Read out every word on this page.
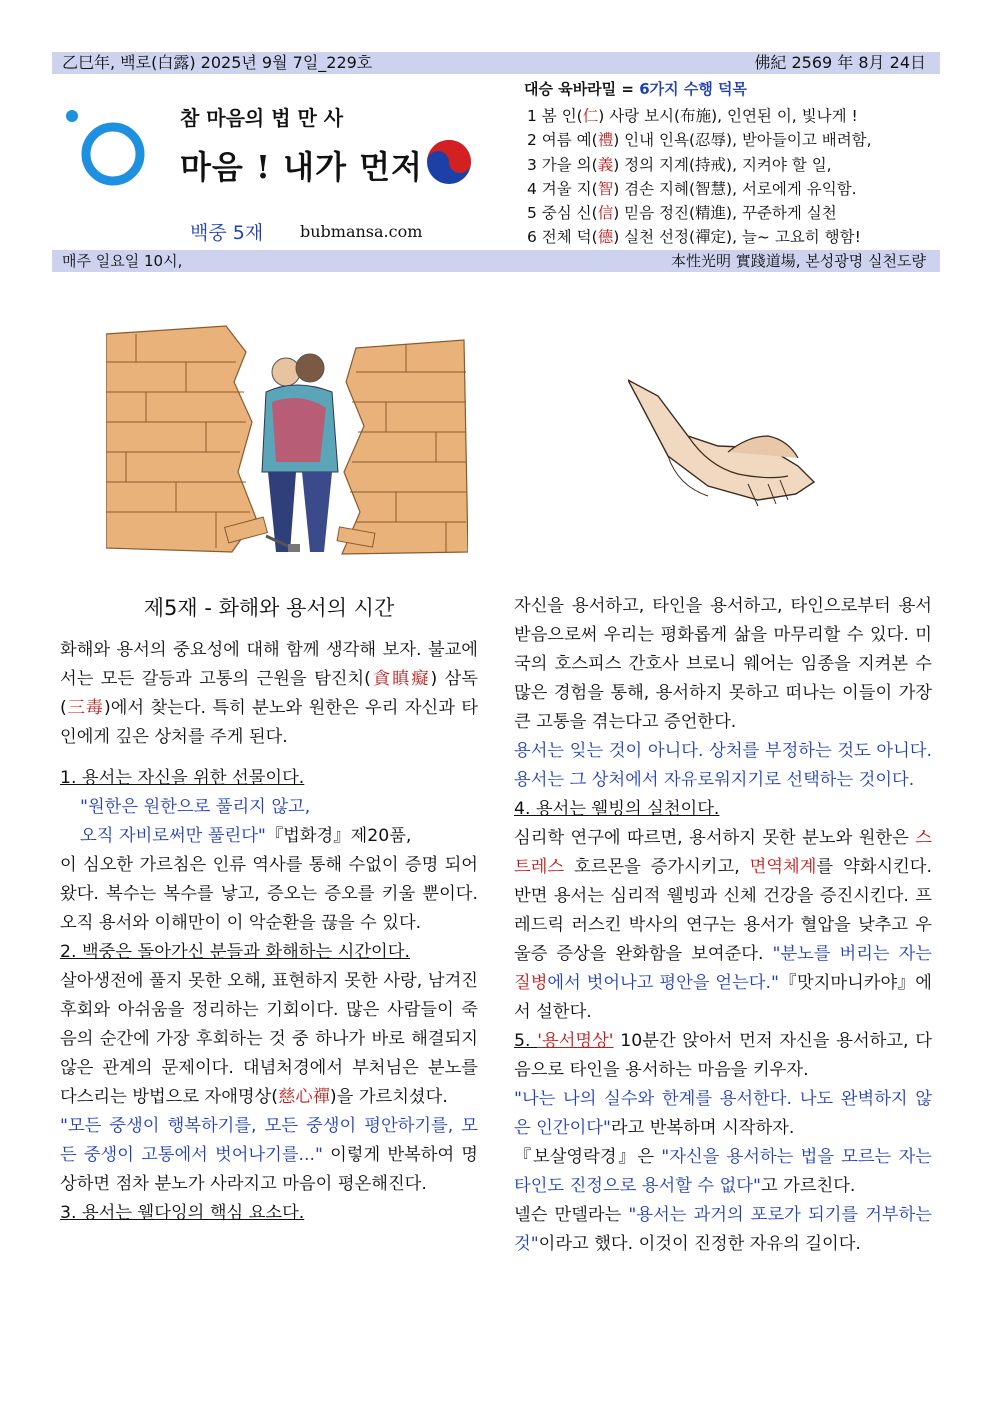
乙巳年, 백로(白露) 2025년 9월 7일_229호	佛紀 2569 年 8月 24日
참 마음의 법 만 사
마음 ! 내가 먼저
백중 5재 bubmansa.com
대승 육바라밀 = 6가지 수행 덕목
1 봄 인(仁) 사랑 보시(布施), 인연된 이, 빛나게 !
2 여름 예(禮) 인내 인욕(忍辱), 받아들이고 배려함,
3 가을 의(義) 정의 지계(持戒), 지켜야 할 일,
4 겨울 지(智) 겸손 지혜(智慧), 서로에게 유익함.
5 중심 신(信) 믿음 정진(精進), 꾸준하게 실천
6 전체 덕(德) 실천 선정(禪定), 늘~ 고요히 행함!
매주 일요일 10시,	本性光明 實踐道場, 본성광명 실천도량

제5재 - 화해와 용서의 시간

화해와 용서의 중요성에 대해 함께 생각해 보자. 불교에서는 모든 갈등과 고통의 근원을 탐진치(貪瞋癡) 삼독(三毒)에서 찾는다. 특히 분노와 원한은 우리 자신과 타인에게 깊은 상처를 주게 된다.

1. 용서는 자신을 위한 선물이다.

"원한은 원한으로 풀리지 않고,

오직 자비로써만 풀린다"『법화경』제20품,

이 심오한 가르침은 인류 역사를 통해 수없이 증명 되어 왔다. 복수는 복수를 낳고, 증오는 증오를 키울 뿐이다. 오직 용서와 이해만이 이 악순환을 끊을 수 있다.

2. 백중은 돌아가신 분들과 화해하는 시간이다.

살아생전에 풀지 못한 오해, 표현하지 못한 사랑, 남겨진 후회와 아쉬움을 정리하는 기회이다. 많은 사람들이 죽음의 순간에 가장 후회하는 것 중 하나가 바로 해결되지 않은 관계의 문제이다. 대념처경에서 부처님은 분노를 다스리는 방법으로 자애명상(慈心禪)을 가르치셨다.

"모든 중생이 행복하기를, 모든 중생이 평안하기를, 모든 중생이 고통에서 벗어나기를..." 이렇게 반복하여 명상하면 점차 분노가 사라지고 마음이 평온해진다.

3. 용서는 웰다잉의 핵심 요소다.

자신을 용서하고, 타인을 용서하고, 타인으로부터 용서받음으로써 우리는 평화롭게 삶을 마무리할 수 있다. 미국의 호스피스 간호사 브로니 웨어는 임종을 지켜본 수많은 경험을 통해, 용서하지 못하고 떠나는 이들이 가장 큰 고통을 겪는다고 증언한다.

용서는 잊는 것이 아니다. 상처를 부정하는 것도 아니다. 용서는 그 상처에서 자유로워지기로 선택하는 것이다.

4. 용서는 웰빙의 실천이다.

심리학 연구에 따르면, 용서하지 못한 분노와 원한은 스트레스 호르몬을 증가시키고, 면역체계를 약화시킨다. 반면 용서는 심리적 웰빙과 신체 건강을 증진시킨다. 프레드릭 러스킨 박사의 연구는 용서가 혈압을 낮추고 우울증 증상을 완화함을 보여준다. "분노를 버리는 자는 질병에서 벗어나고 평안을 얻는다."『맛지마니카야』에서 설한다.

5. '용서명상' 10분간 앉아서 먼저 자신을 용서하고, 다음으로 타인을 용서하는 마음을 키우자.

"나는 나의 실수와 한계를 용서한다. 나도 완벽하지 않은 인간이다"라고 반복하며 시작하자.

『보살영락경』은 "자신을 용서하는 법을 모르는 자는 타인도 진정으로 용서할 수 없다"고 가르친다.

넬슨 만델라는 "용서는 과거의 포로가 되기를 거부하는 것"이라고 했다. 이것이 진정한 자유의 길이다.
